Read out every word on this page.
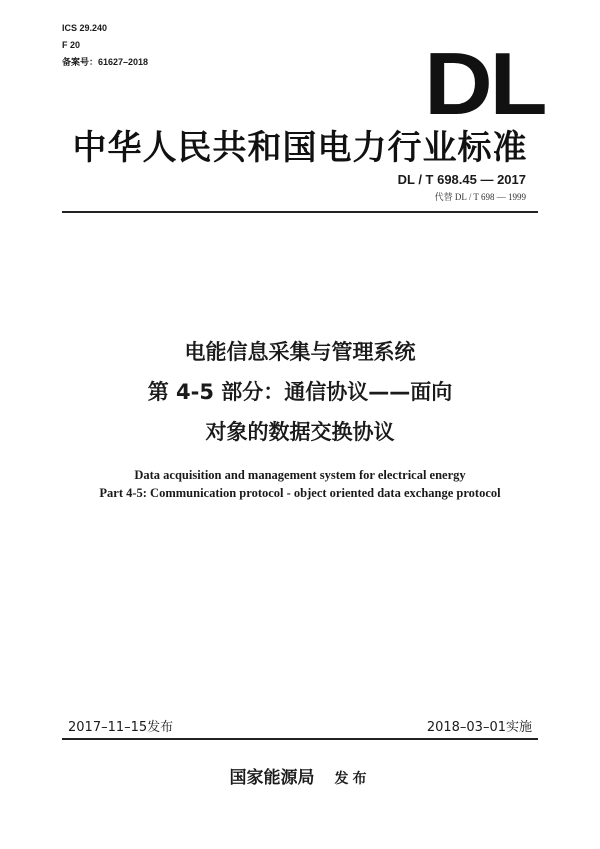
ICS 29.240
F 20
备案号：61627–2018	DL
中华人民共和国电力行业标准
DL / T 698.45 — 2017
代替 DL / T 698 — 1999
电能信息采集与管理系统
第 4-5 部分：通信协议——面向
对象的数据交换协议
Data acquisition and management system for electrical energy
Part 4-5: Communication protocol - object oriented data exchange protocol
2017–11–15发布	2018–03–01实施
国家能源局 发布
